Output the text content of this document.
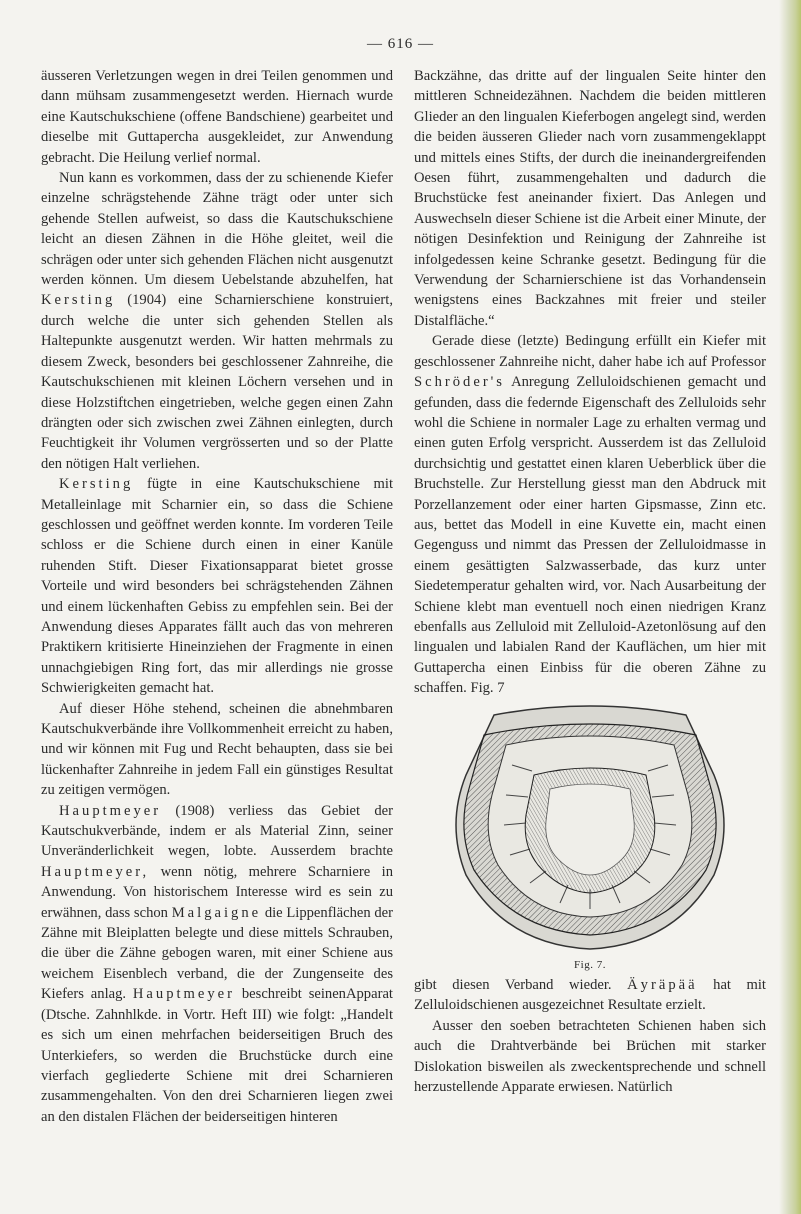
— 616 —

äusseren Verletzungen wegen in drei Teilen genommen und dann mühsam zusammengesetzt werden. Hiernach wurde eine Kautschukschiene (offene Bandschiene) gearbeitet und dieselbe mit Guttapercha ausgekleidet, zur Anwendung gebracht. Die Heilung verlief normal.

Nun kann es vorkommen, dass der zu schienende Kiefer einzelne schrägstehende Zähne trägt oder unter sich gehende Stellen aufweist, so dass die Kautschukschiene leicht an diesen Zähnen in die Höhe gleitet, weil die schrägen oder unter sich gehenden Flächen nicht ausgenutzt werden können. Um diesem Uebelstande abzuhelfen, hat Kersting (1904) eine Scharnierschiene konstruiert, durch welche die unter sich gehenden Stellen als Haltepunkte ausgenutzt werden. Wir hatten mehrmals zu diesem Zweck, besonders bei geschlossener Zahnreihe, die Kautschukschienen mit kleinen Löchern versehen und in diese Holzstiftchen eingetrieben, welche gegen einen Zahn drängten oder sich zwischen zwei Zähnen einlegten, durch Feuchtigkeit ihr Volumen vergrösserten und so der Platte den nötigen Halt verliehen.

Kersting fügte in eine Kautschukschiene mit Metalleinlage mit Scharnier ein, so dass die Schiene geschlossen und geöffnet werden konnte. Im vorderen Teile schloss er die Schiene durch einen in einer Kanüle ruhenden Stift. Dieser Fixationsapparat bietet grosse Vorteile und wird besonders bei schrägstehenden Zähnen und einem lückenhaften Gebiss zu empfehlen sein. Bei der Anwendung dieses Apparates fällt auch das von mehreren Praktikern kritisierte Hineinziehen der Fragmente in einen unnachgiebigen Ring fort, das mir allerdings nie grosse Schwierigkeiten gemacht hat.

Auf dieser Höhe stehend, scheinen die abnehmbaren Kautschukverbände ihre Vollkommenheit erreicht zu haben, und wir können mit Fug und Recht behaupten, dass sie bei lückenhafter Zahnreihe in jedem Fall ein günstiges Resultat zu zeitigen vermögen.

Hauptmeyer (1908) verliess das Gebiet der Kautschukverbände, indem er als Material Zinn, seiner Unveränderlichkeit wegen, lobte. Ausserdem brachte Hauptmeyer, wenn nötig, mehrere Scharniere in Anwendung. Von historischem Interesse wird es sein zu erwähnen, dass schon Malgaigne die Lippenflächen der Zähne mit Bleiplatten belegte und diese mittels Schrauben, die über die Zähne gebogen waren, mit einer Schiene aus weichem Eisenblech verband, die der Zungenseite des Kiefers anlag. Hauptmeyer beschreibt seinenApparat (Dtsche. Zahnhlkde. in Vortr. Heft III) wie folgt: „Handelt es sich um einen mehrfachen beiderseitigen Bruch des Unterkiefers, so werden die Bruchstücke durch eine vierfach gegliederte Schiene mit drei Scharnieren zusammengehalten. Von den drei Scharnieren liegen zwei an den distalen Flächen der beiderseitigen hinteren

Backzähne, das dritte auf der lingualen Seite hinter den mittleren Schneidezähnen. Nachdem die beiden mittleren Glieder an den lingualen Kieferbogen angelegt sind, werden die beiden äusseren Glieder nach vorn zusammengeklappt und mittels eines Stifts, der durch die ineinandergreifenden Oesen führt, zusammengehalten und dadurch die Bruchstücke fest aneinander fixiert. Das Anlegen und Auswechseln dieser Schiene ist die Arbeit einer Minute, der nötigen Desinfektion und Reinigung der Zahnreihe ist infolgedessen keine Schranke gesetzt. Bedingung für die Verwendung der Scharnierschiene ist das Vorhandensein wenigstens eines Backzahnes mit freier und steiler Distalfläche.“

Gerade diese (letzte) Bedingung erfüllt ein Kiefer mit geschlossener Zahnreihe nicht, daher habe ich auf Professor Schröder's Anregung Zelluloidschienen gemacht und gefunden, dass die federnde Eigenschaft des Zelluloids sehr wohl die Schiene in normaler Lage zu erhalten vermag und einen guten Erfolg verspricht. Ausserdem ist das Zelluloid durchsichtig und gestattet einen klaren Ueberblick über die Bruchstelle. Zur Herstellung giesst man den Abdruck mit Porzellanzement oder einer harten Gipsmasse, Zinn etc. aus, bettet das Modell in eine Kuvette ein, macht einen Gegenguss und nimmt das Pressen der Zelluloidmasse in einem gesättigten Salzwasserbade, das kurz unter Siedetemperatur gehalten wird, vor. Nach Ausarbeitung der Schiene klebt man eventuell noch einen niedrigen Kranz ebenfalls aus Zelluloid mit Zelluloid-Azetonlösung auf den lingualen und labialen Rand der Kauflächen, um hier mit Guttapercha einen Einbiss für die oberen Zähne zu schaffen. Fig. 7

Fig. 7.

gibt diesen Verband wieder. Äyräpää hat mit Zelluloidschienen ausgezeichnet Resultate erzielt.

Ausser den soeben betrachteten Schienen haben sich auch die Drahtverbände bei Brüchen mit starker Dislokation bisweilen als zweckentsprechende und schnell herzustellende Apparate erwiesen. Natürlich
